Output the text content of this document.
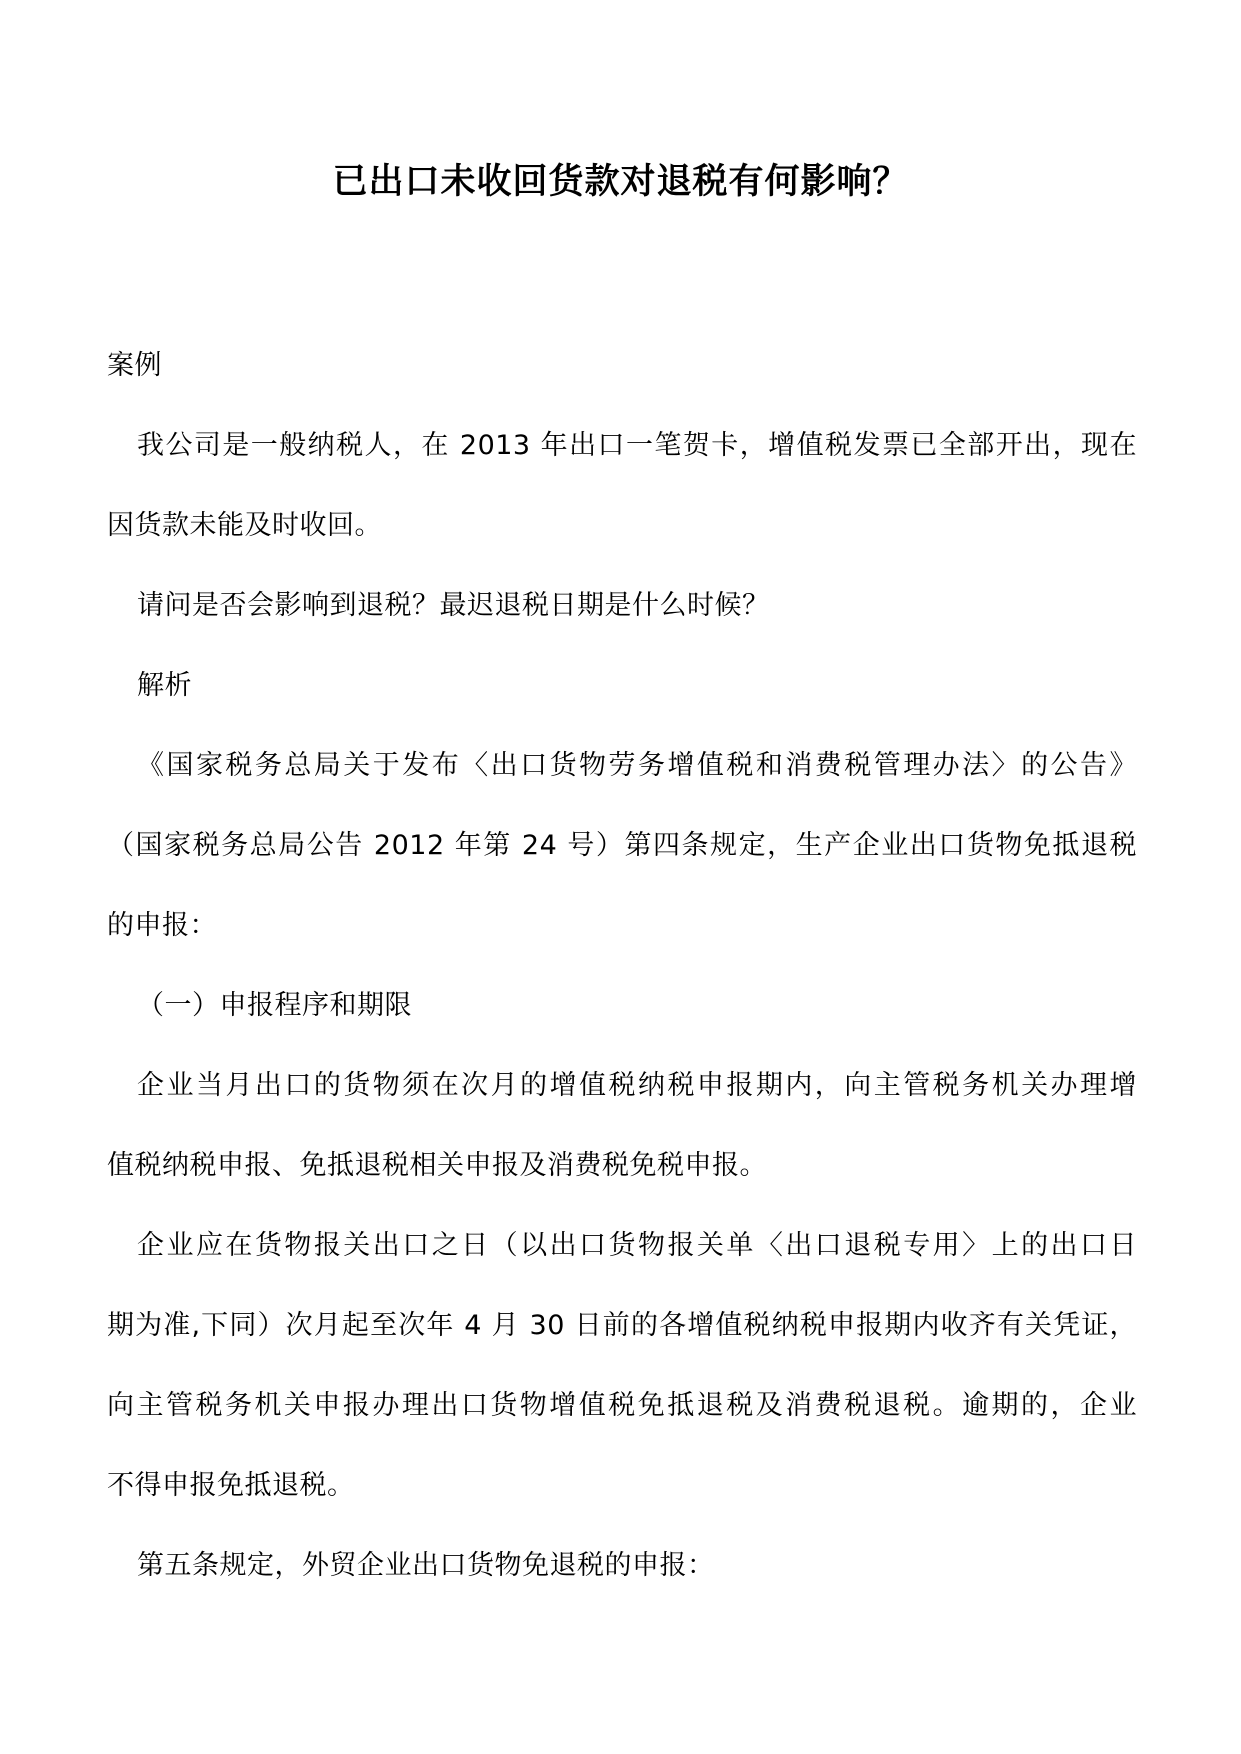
已出口未收回货款对退税有何影响？
案例
我公司是一般纳税人，在 2013 年出口一笔贺卡，增值税发票已全部开出，现在
因货款未能及时收回。
请问是否会影响到退税？最迟退税日期是什么时候？
解析
《国家税务总局关于发布〈出口货物劳务增值税和消费税管理办法〉的公告》
（国家税务总局公告 2012 年第 24 号）第四条规定，生产企业出口货物免抵退税
的申报：
（一）申报程序和期限
企业当月出口的货物须在次月的增值税纳税申报期内，向主管税务机关办理增
值税纳税申报、免抵退税相关申报及消费税免税申报。
企业应在货物报关出口之日（以出口货物报关单〈出口退税专用〉上的出口日
期为准,下同）次月起至次年 4 月 30 日前的各增值税纳税申报期内收齐有关凭证，
向主管税务机关申报办理出口货物增值税免抵退税及消费税退税。逾期的，企业
不得申报免抵退税。
第五条规定，外贸企业出口货物免退税的申报：
